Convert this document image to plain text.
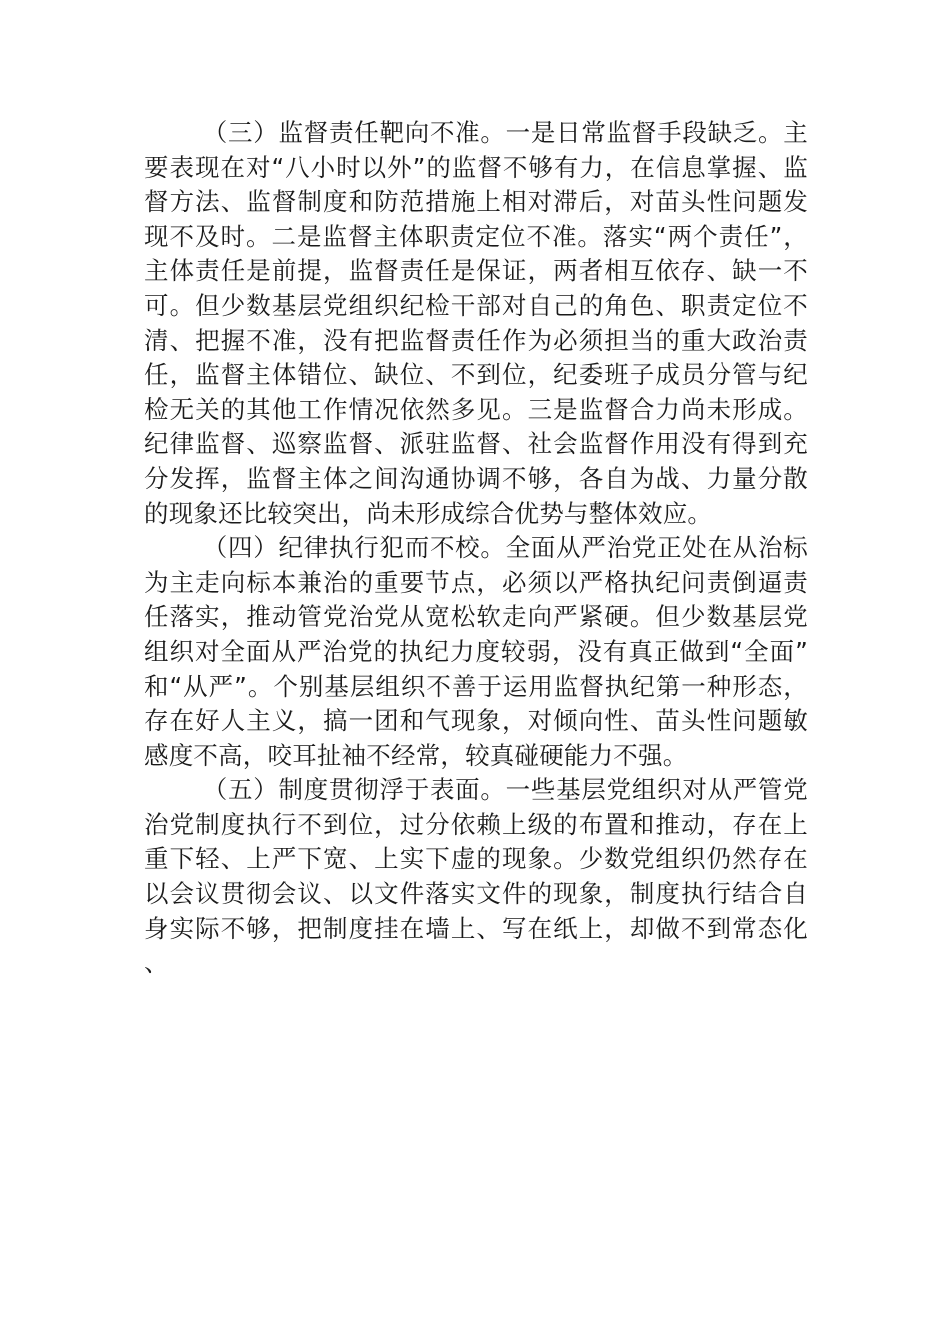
（三）监督责任靶向不准。一是日常监督手段缺乏。主要表现在对“八小时以外”的监督不够有力，在信息掌握、监督方法、监督制度和防范措施上相对滞后，对苗头性问题发现不及时。二是监督主体职责定位不准。落实“两个责任”，主体责任是前提，监督责任是保证，两者相互依存、缺一不可。但少数基层党组织纪检干部对自己的角色、职责定位不清、把握不准，没有把监督责任作为必须担当的重大政治责任，监督主体错位、缺位、不到位，纪委班子成员分管与纪检无关的其他工作情况依然多见。三是监督合力尚未形成。纪律监督、巡察监督、派驻监督、社会监督作用没有得到充分发挥，监督主体之间沟通协调不够，各自为战、力量分散的现象还比较突出，尚未形成综合优势与整体效应。

（四）纪律执行犯而不校。全面从严治党正处在从治标为主走向标本兼治的重要节点，必须以严格执纪问责倒逼责任落实，推动管党治党从宽松软走向严紧硬。但少数基层党组织对全面从严治党的执纪力度较弱，没有真正做到“全面”和“从严”。个别基层组织不善于运用监督执纪第一种形态，存在好人主义，搞一团和气现象，对倾向性、苗头性问题敏感度不高，咬耳扯袖不经常，较真碰硬能力不强。

（五）制度贯彻浮于表面。一些基层党组织对从严管党治党制度执行不到位，过分依赖上级的布置和推动，存在上重下轻、上严下宽、上实下虚的现象。少数党组织仍然存在以会议贯彻会议、以文件落实文件的现象，制度执行结合自身实际不够，把制度挂在墙上、写在纸上，却做不到常态化、
